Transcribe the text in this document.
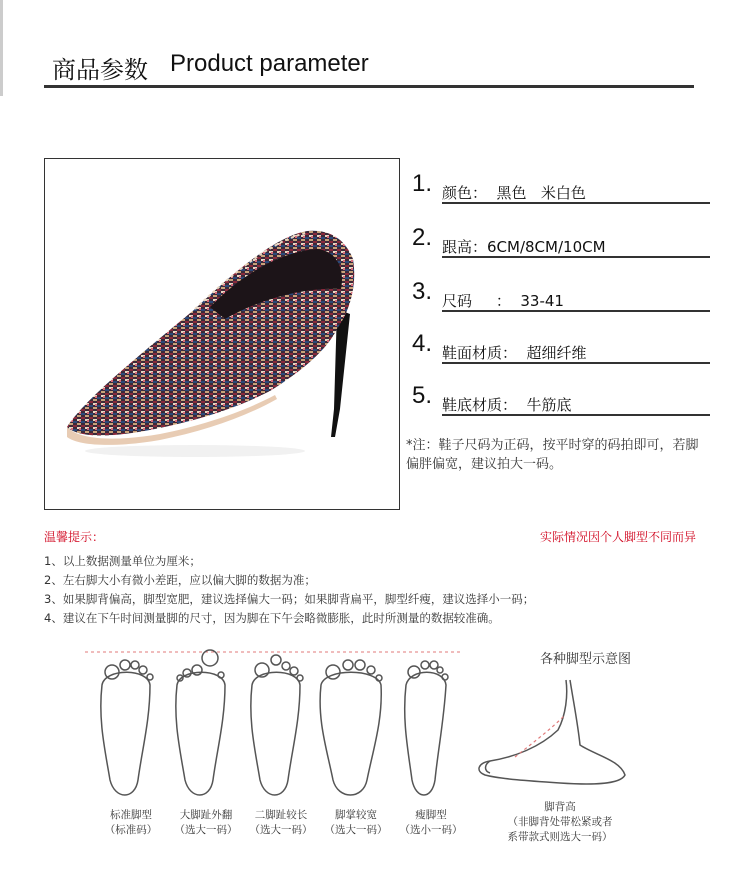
商品参数 Product parameter
1. 颜色：  黑色   米白色
2. 跟高：6CM/8CM/10CM
3. 尺码     ：  33-41
4. 鞋面材质：  超细纤维
5. 鞋底材质：  牛筋底
*注：鞋子尺码为正码，按平时穿的码拍即可，若脚偏胖偏宽，建议拍大一码。
温馨提示：	实际情况因个人脚型不同而异
1、以上数据测量单位为厘米；
2、左右脚大小有微小差距，应以偏大脚的数据为准；
3、如果脚背偏高，脚型宽肥，建议选择偏大一码；如果脚背扁平，脚型纤瘦，建议选择小一码；
4、建议在下午时间测量脚的尺寸，因为脚在下午会略微膨胀，此时所测量的数据较准确。
标准脚型
（标准码）
大脚趾外翻
（选大一码）
二脚趾较长
（选大一码）
脚掌较宽
（选大一码）
瘦脚型
（选小一码）
各种脚型示意图
脚背高
（非脚背处带松紧或者
系带款式则选大一码）
